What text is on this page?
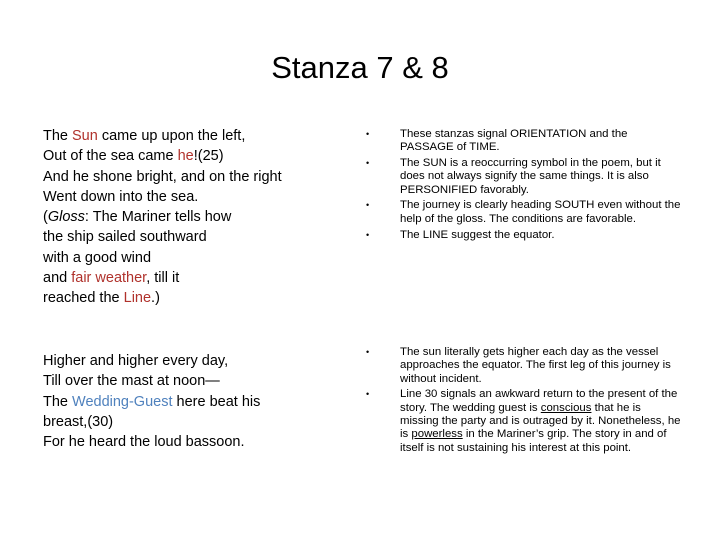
Stanza 7 & 8
The Sun came up upon the left,
Out of the sea came he!(25)
And he shone bright, and on the right
Went down into the sea.
(Gloss: The Mariner tells how
the ship sailed southward
with a good wind
and fair weather, till it
reached the Line.)
Higher and higher every day,
Till over the mast at noon—
The Wedding-Guest here beat his
breast,(30)
For he heard the loud bassoon.
•	These stanzas signal ORIENTATION and the PASSAGE of TIME.
•	The SUN is a reoccurring symbol in the poem, but it does not always signify the same things. It is also PERSONIFIED favorably.
•	The journey is clearly heading SOUTH even without the help of the gloss. The conditions are favorable.
•	The LINE suggest the equator.
•	The sun literally gets higher each day as the vessel approaches the equator. The first leg of this journey is without incident.
•	Line 30 signals an awkward return to the present of the story. The wedding guest is conscious that he is missing the party and is outraged by it. Nonetheless, he is powerless in the Mariner’s grip. The story in and of itself is not sustaining his interest at this point.
